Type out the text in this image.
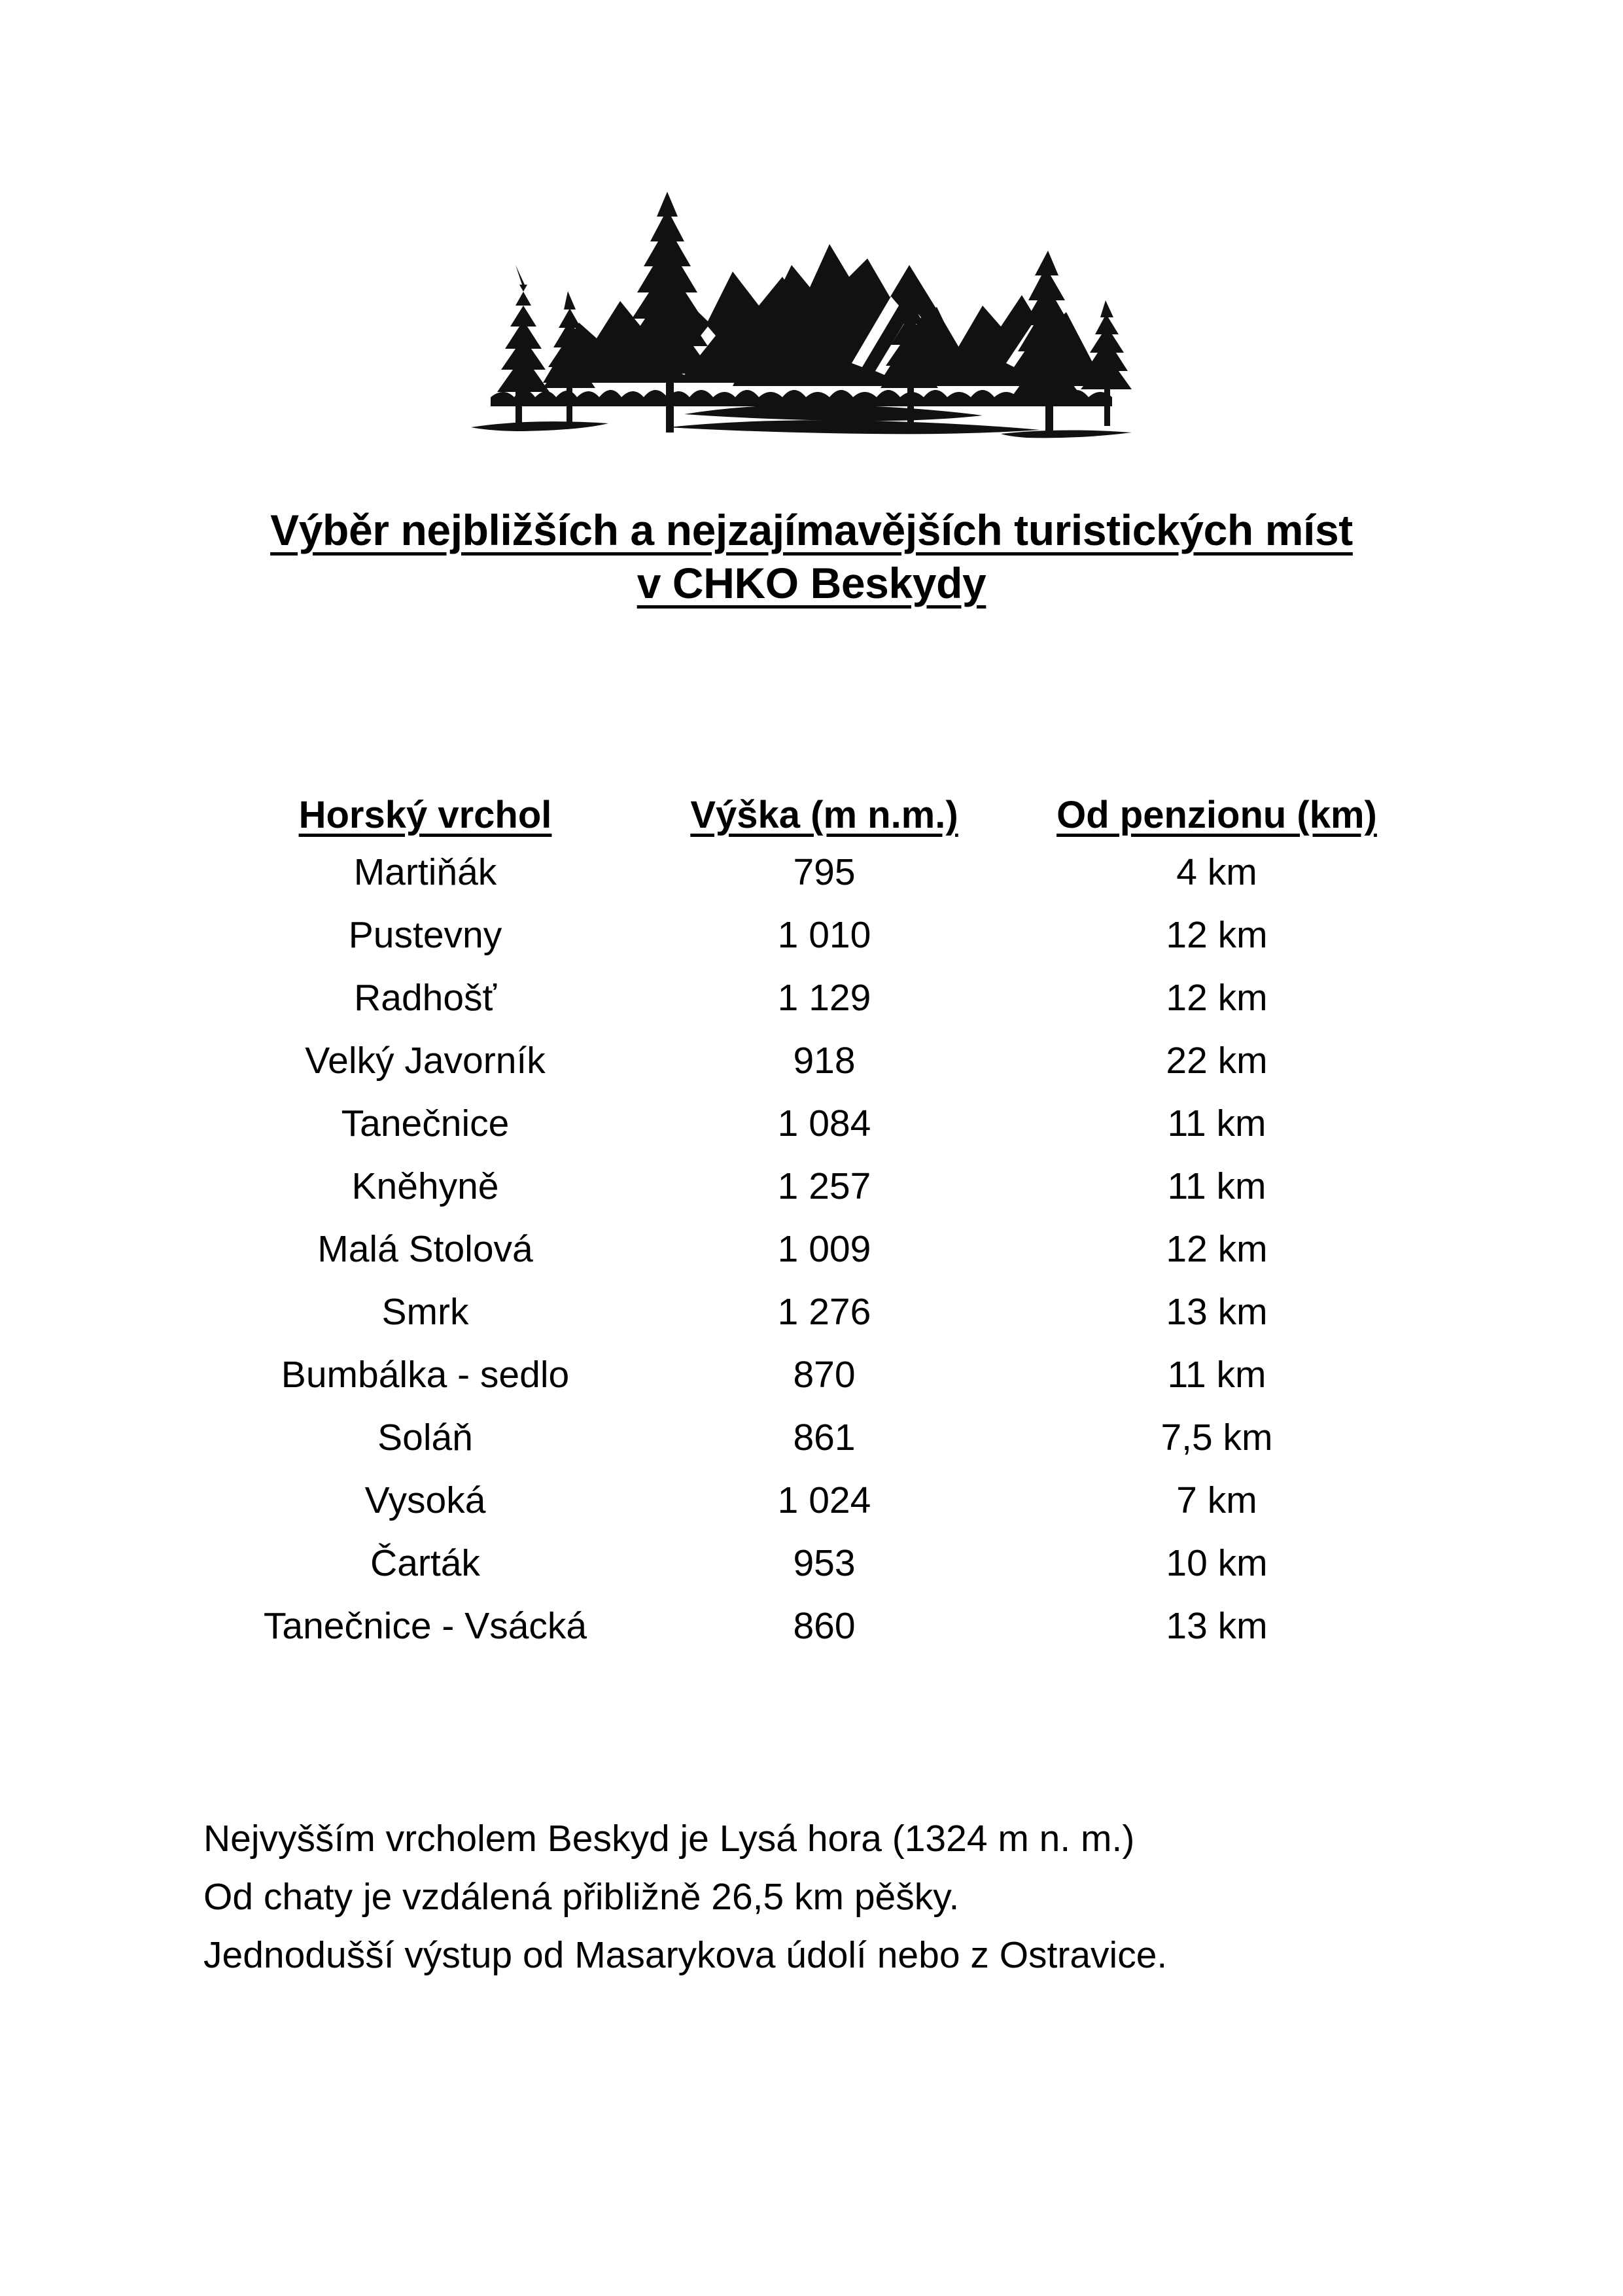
Výběr nejbližších a nejzajímavějších turistických míst
v CHKO Beskydy
Horský vrchol	Výška (m n.m.)	Od penzionu (km)
Martiňák	795	4 km
Pustevny	1 010	12 km
Radhošť	1 129	12 km
Velký Javorník	918	22 km
Tanečnice	1 084	11 km
Kněhyně	1 257	11 km
Malá Stolová	1 009	12 km
Smrk	1 276	13 km
Bumbálka - sedlo	870	11 km
Soláň	861	7,5 km
Vysoká	1 024	7 km
Čarták	953	10 km
Tanečnice - Vsácká	860	13 km

Nejvyšším vrcholem Beskyd je Lysá hora (1324 m n. m.)

Od chaty je vzdálená přibližně 26,5 km pěšky.

Jednodušší výstup od Masarykova údolí nebo z Ostravice.
